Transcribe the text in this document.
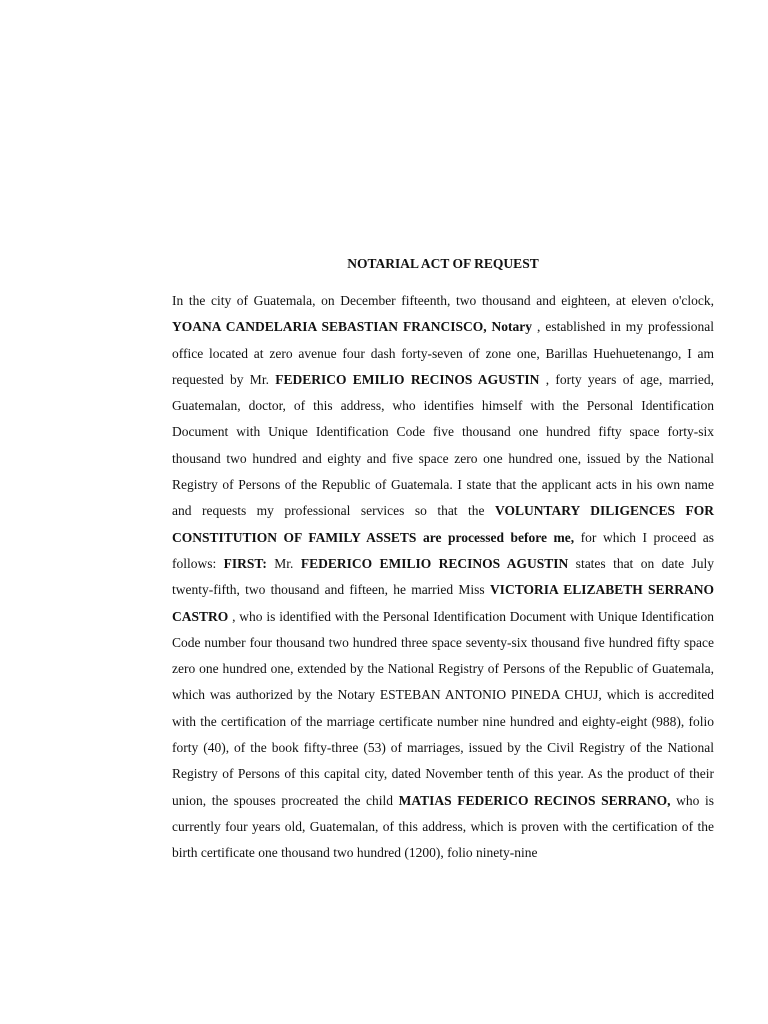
NOTARIAL ACT OF REQUEST

In the city of Guatemala, on December fifteenth, two thousand and eighteen, at eleven o'clock, YOANA CANDELARIA SEBASTIAN FRANCISCO, Notary , established in my professional office located at zero avenue four dash forty-seven of zone one, Barillas Huehuetenango, I am requested by Mr. FEDERICO EMILIO RECINOS AGUSTIN , forty years of age, married, Guatemalan, doctor, of this address, who identifies himself with the Personal Identification Document with Unique Identification Code five thousand one hundred fifty space forty-six thousand two hundred and eighty and five space zero one hundred one, issued by the National Registry of Persons of the Republic of Guatemala. I state that the applicant acts in his own name and requests my professional services so that the VOLUNTARY DILIGENCES FOR CONSTITUTION OF FAMILY ASSETS are processed before me, for which I proceed as follows: FIRST: Mr. FEDERICO EMILIO RECINOS AGUSTIN states that on date July twenty-fifth, two thousand and fifteen, he married Miss VICTORIA ELIZABETH SERRANO CASTRO , who is identified with the Personal Identification Document with Unique Identification Code number four thousand two hundred three space seventy-six thousand five hundred fifty space zero one hundred one, extended by the National Registry of Persons of the Republic of Guatemala, which was authorized by the Notary ESTEBAN ANTONIO PINEDA CHUJ, which is accredited with the certification of the marriage certificate number nine hundred and eighty-eight (988), folio forty (40), of the book fifty-three (53) of marriages, issued by the Civil Registry of the National Registry of Persons of this capital city, dated November tenth of this year. As the product of their union, the spouses procreated the child MATIAS FEDERICO RECINOS SERRANO, who is currently four years old, Guatemalan, of this address, which is proven with the certification of the birth certificate one thousand two hundred (1200), folio ninety-nine
